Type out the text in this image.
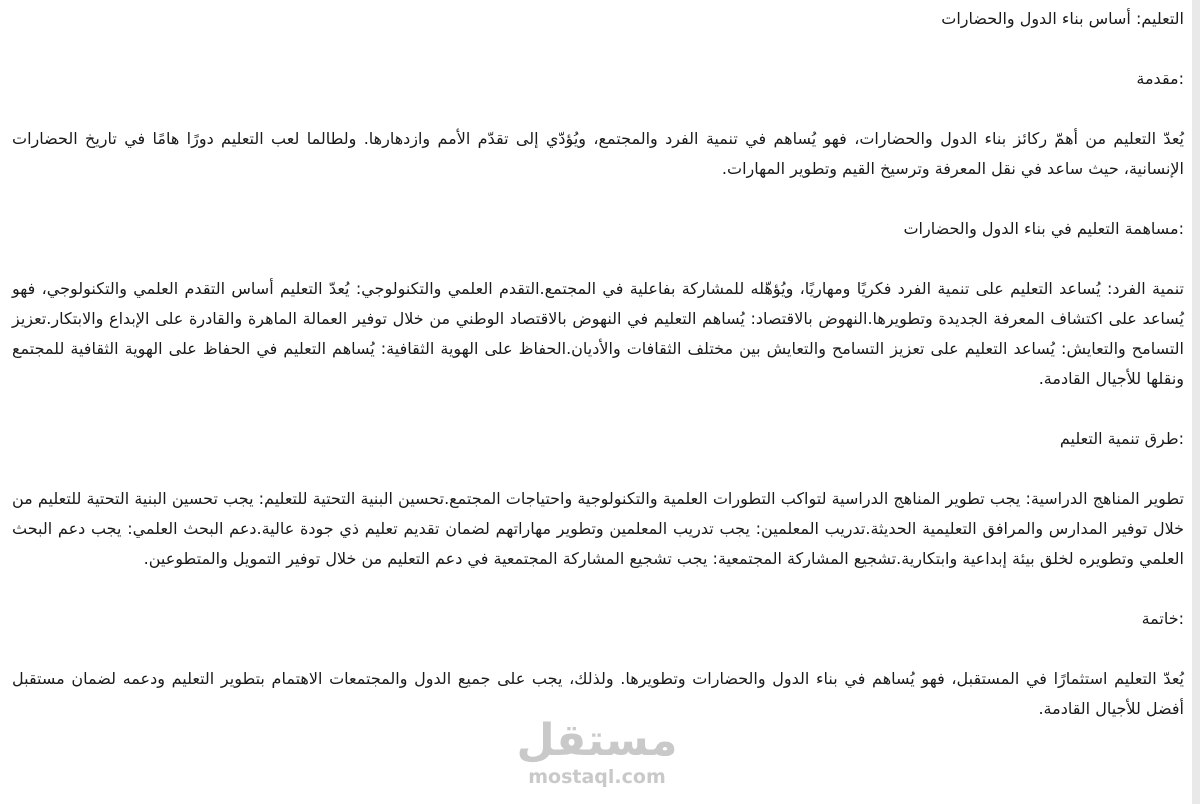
التعليم: أساس بناء الدول والحضارات

:مقدمة

يُعدّ التعليم من أهمّ ركائز بناء الدول والحضارات، فهو يُساهم في تنمية الفرد والمجتمع، ويُؤدّي إلى تقدّم الأمم وازدهارها. ولطالما لعب التعليم دورًا هامًا في تاريخ الحضارات الإنسانية، حيث ساعد في نقل المعرفة وترسيخ القيم وتطوير المهارات.

:مساهمة التعليم في بناء الدول والحضارات

تنمية الفرد: يُساعد التعليم على تنمية الفرد فكريًا ومهاريًا، ويُؤهّله للمشاركة بفاعلية في المجتمع.التقدم العلمي والتكنولوجي: يُعدّ التعليم أساس التقدم العلمي والتكنولوجي، فهو يُساعد على اكتشاف المعرفة الجديدة وتطويرها.النهوض بالاقتصاد: يُساهم التعليم في النهوض بالاقتصاد الوطني من خلال توفير العمالة الماهرة والقادرة على الإبداع والابتكار.تعزيز التسامح والتعايش: يُساعد التعليم على تعزيز التسامح والتعايش بين مختلف الثقافات والأديان.الحفاظ على الهوية الثقافية: يُساهم التعليم في الحفاظ على الهوية الثقافية للمجتمع ونقلها للأجيال القادمة.

:طرق تنمية التعليم

تطوير المناهج الدراسية: يجب تطوير المناهج الدراسية لتواكب التطورات العلمية والتكنولوجية واحتياجات المجتمع.تحسين البنية التحتية للتعليم: يجب تحسين البنية التحتية للتعليم من خلال توفير المدارس والمرافق التعليمية الحديثة.تدريب المعلمين: يجب تدريب المعلمين وتطوير مهاراتهم لضمان تقديم تعليم ذي جودة عالية.دعم البحث العلمي: يجب دعم البحث العلمي وتطويره لخلق بيئة إبداعية وابتكارية.تشجيع المشاركة المجتمعية: يجب تشجيع المشاركة المجتمعية في دعم التعليم من خلال توفير التمويل والمتطوعين.

:خاتمة

يُعدّ التعليم استثمارًا في المستقبل، فهو يُساهم في بناء الدول والحضارات وتطويرها. ولذلك، يجب على جميع الدول والمجتمعات الاهتمام بتطوير التعليم ودعمه لضمان مستقبل أفضل للأجيال القادمة.

مستقل
mostaql.com
